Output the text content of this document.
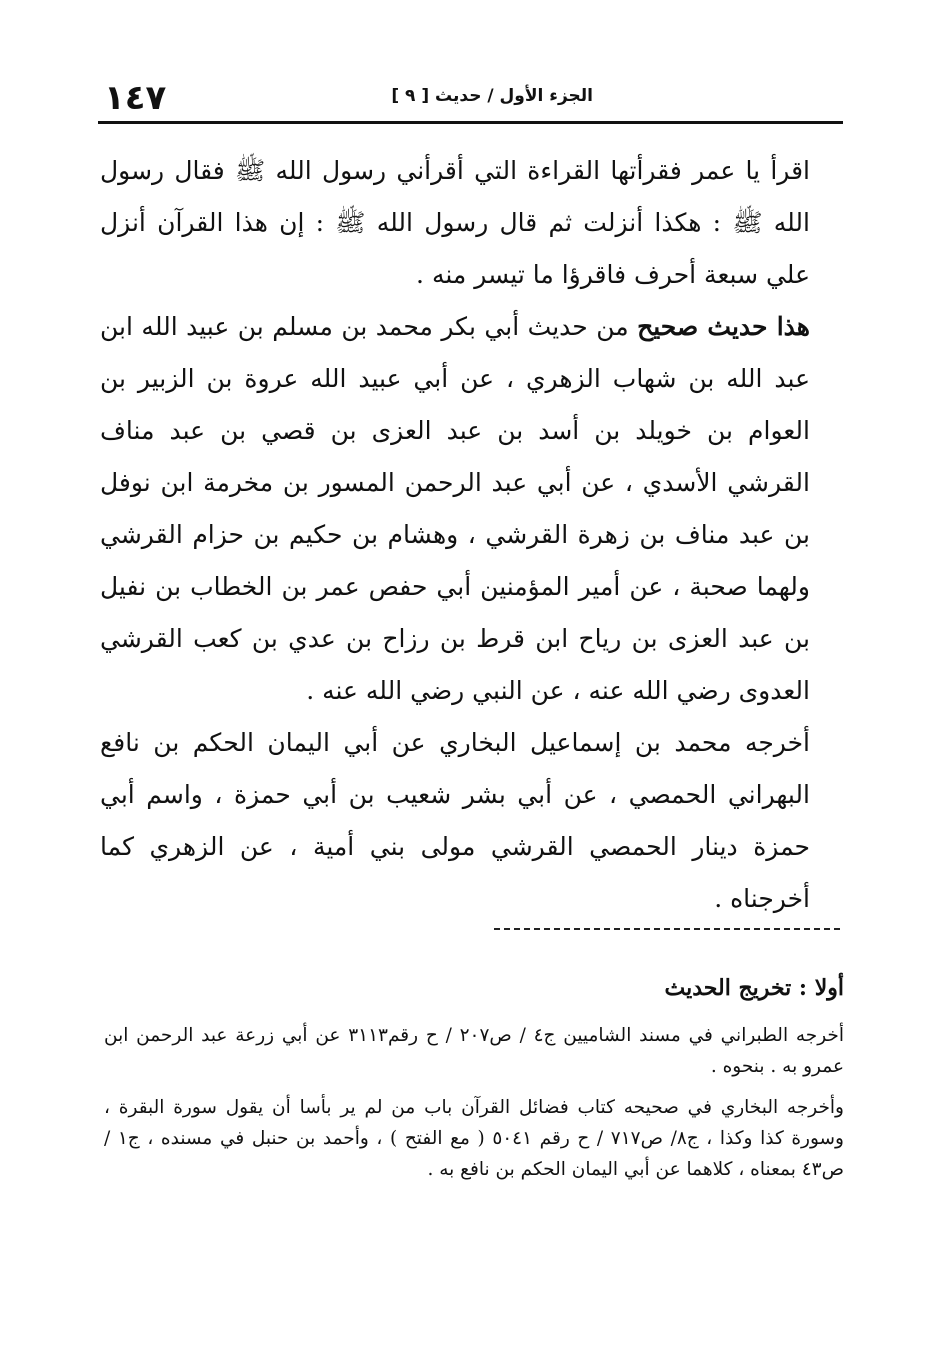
١٤٧	الجزء الأول / حديث [ ٩ ]

اقرأ يا عمر فقرأتها القراءة التي أقرأني رسول الله ﷺ فقال رسول الله ﷺ : هكذا أنزلت ثم قال رسول الله ﷺ : إن هذا القرآن أنزل علي سبعة أحرف فاقرؤا ما تيسر منه .

هذا حديث صحيح من حديث أبي بكر محمد بن مسلم بن عبيد الله ابن عبد الله بن شهاب الزهري ، عن أبي عبيد الله عروة بن الزبير بن العوام بن خويلد بن أسد بن عبد العزى بن قصي بن عبد مناف القرشي الأسدي ، عن أبي عبد الرحمن المسور بن مخرمة ابن نوفل بن عبد مناف بن زهرة القرشي ، وهشام بن حكيم بن حزام القرشي ولهما صحبة ، عن أمير المؤمنين أبي حفص عمر بن الخطاب بن نفيل بن عبد العزى بن رياح ابن قرط بن رزاح بن عدي بن كعب القرشي العدوى رضي الله عنه ، عن النبي رضي الله عنه .

أخرجه محمد بن إسماعيل البخاري عن أبي اليمان الحكم بن نافع البهراني الحمصي ، عن أبي بشر شعيب بن أبي حمزة ، واسم أبي حمزة دينار الحمصي القرشي مولى بني أمية ، عن الزهري كما أخرجناه .

أولا : تخريج الحديث

أخرجه الطبراني في مسند الشاميين ج٤ / ص٢٠٧ / ح رقم٣١١٣ عن أبي زرعة عبد الرحمن ابن عمرو به . بنحوه .

وأخرجه البخاري في صحيحه كتاب فضائل القرآن باب من لم ير بأسا أن يقول سورة البقرة ، وسورة كذا وكذا ، ج٨/ ص٧١٧ / ح رقم ٥٠٤١ ( مع الفتح ) ، وأحمد بن حنبل في مسنده ، ج١ / ص٤٣ بمعناه ، كلاهما عن أبي اليمان الحكم بن نافع به .
